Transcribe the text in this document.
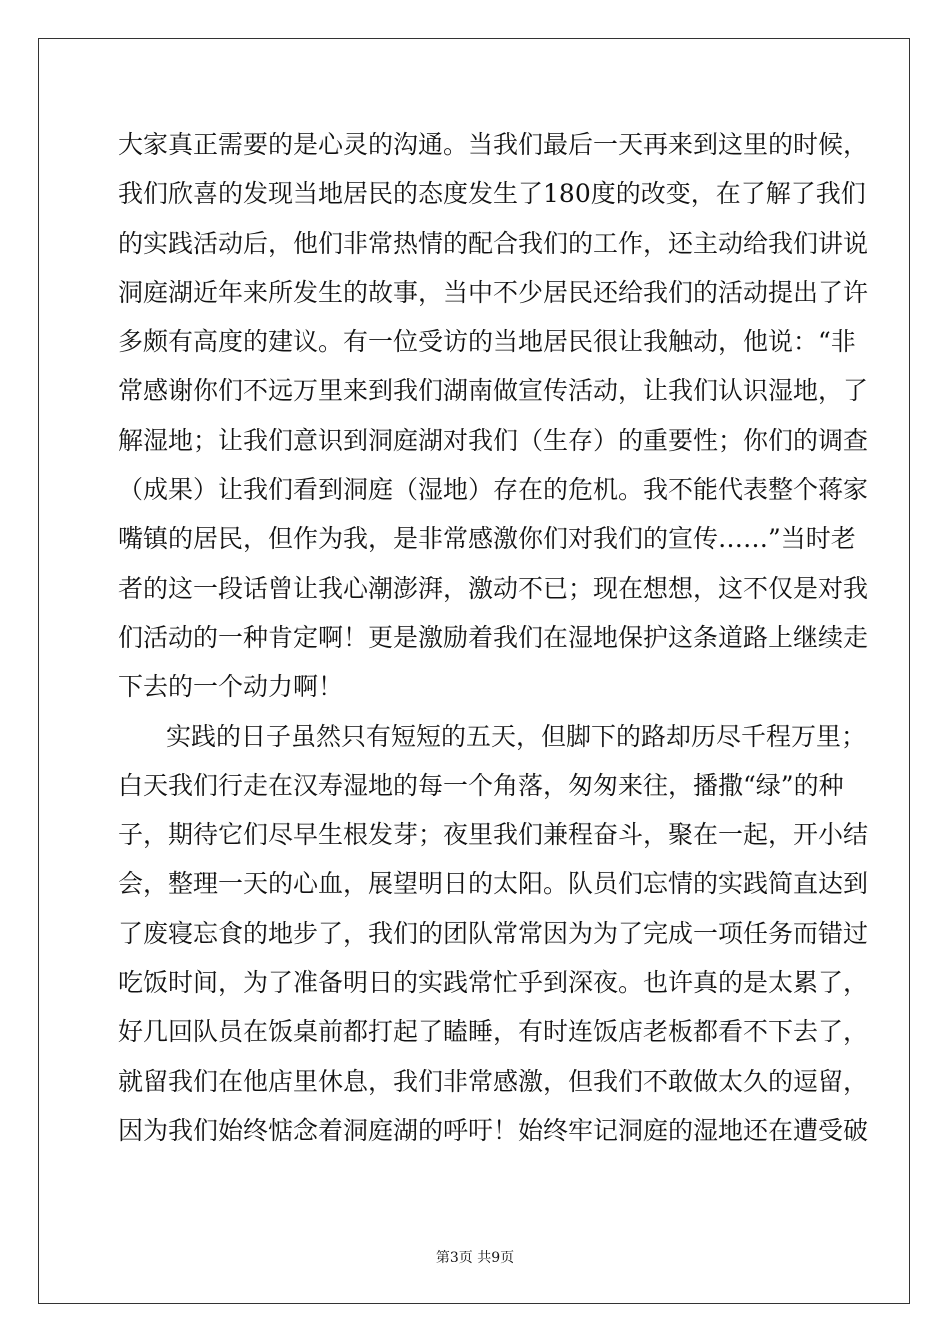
大家真正需要的是心灵的沟通。当我们最后一天再来到这里的时候，
我们欣喜的发现当地居民的态度发生了180度的改变，在了解了我们
的实践活动后，他们非常热情的配合我们的工作，还主动给我们讲说
洞庭湖近年来所发生的故事，当中不少居民还给我们的活动提出了许
多颇有高度的建议。有一位受访的当地居民很让我触动，他说：“非
常感谢你们不远万里来到我们湖南做宣传活动，让我们认识湿地，了
解湿地；让我们意识到洞庭湖对我们（生存）的重要性；你们的调查
（成果）让我们看到洞庭（湿地）存在的危机。我不能代表整个蒋家
嘴镇的居民，但作为我，是非常感激你们对我们的宣传……”当时老
者的这一段话曾让我心潮澎湃，激动不已；现在想想，这不仅是对我
们活动的一种肯定啊！更是激励着我们在湿地保护这条道路上继续走
下去的一个动力啊！
实践的日子虽然只有短短的五天，但脚下的路却历尽千程万里；
白天我们行走在汉寿湿地的每一个角落，匆匆来往，播撒“绿”的种
子，期待它们尽早生根发芽；夜里我们兼程奋斗，聚在一起，开小结
会，整理一天的心血，展望明日的太阳。队员们忘情的实践简直达到
了废寝忘食的地步了，我们的团队常常因为为了完成一项任务而错过
吃饭时间，为了准备明日的实践常忙乎到深夜。也许真的是太累了，
好几回队员在饭桌前都打起了瞌睡，有时连饭店老板都看不下去了，
就留我们在他店里休息，我们非常感激，但我们不敢做太久的逗留，
因为我们始终惦念着洞庭湖的呼吁！始终牢记洞庭的湿地还在遭受破
第3页 共9页
